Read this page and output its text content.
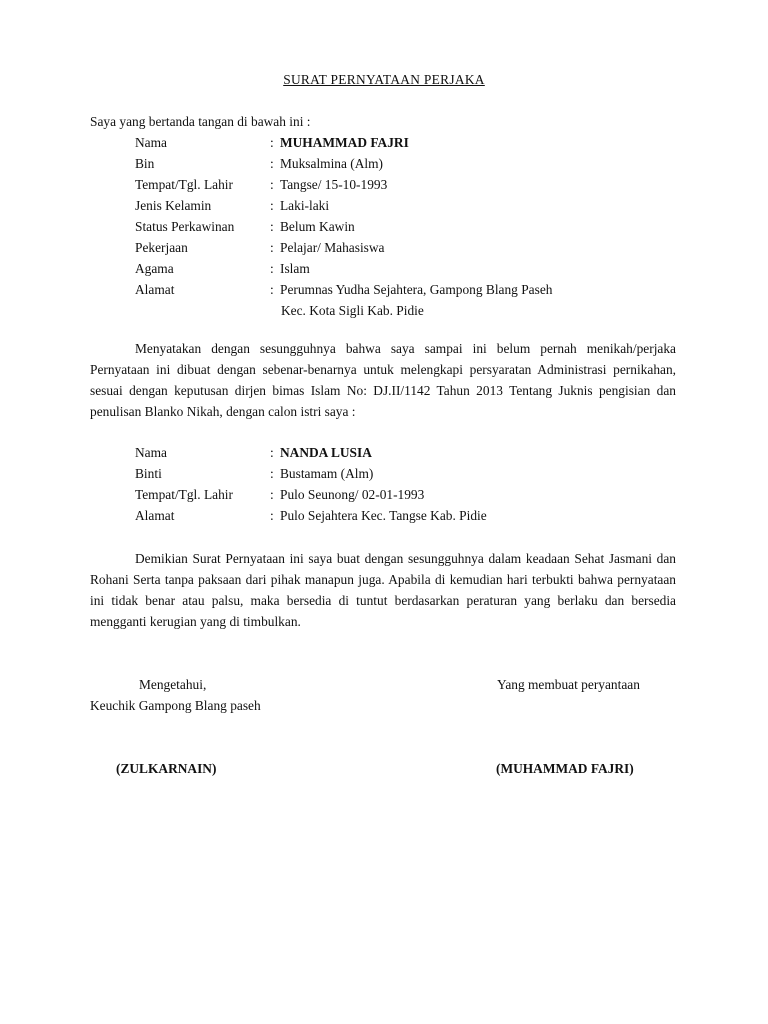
SURAT PERNYATAAN PERJAKA
Saya yang bertanda tangan di bawah ini :
Nama	: MUHAMMAD FAJRI
Bin	: Muksalmina (Alm)
Tempat/Tgl. Lahir	: Tangse/ 15-10-1993
Jenis Kelamin	: Laki-laki
Status Perkawinan	: Belum Kawin
Pekerjaan	: Pelajar/ Mahasiswa
Agama	: Islam
Alamat	: Perumnas Yudha Sejahtera, Gampong Blang Paseh
Kec. Kota Sigli Kab. Pidie
Menyatakan dengan sesungguhnya bahwa saya sampai ini belum pernah menikah/perjaka Pernyataan ini dibuat dengan sebenar-benarnya untuk melengkapi persyaratan Administrasi pernikahan, sesuai dengan keputusan dirjen bimas Islam No: DJ.II/1142 Tahun 2013 Tentang Juknis pengisian dan penulisan Blanko Nikah, dengan calon istri saya :
Nama	: NANDA LUSIA
Binti	: Bustamam (Alm)
Tempat/Tgl. Lahir	: Pulo Seunong/ 02-01-1993
Alamat	: Pulo Sejahtera Kec. Tangse Kab. Pidie
Demikian Surat Pernyataan ini saya buat dengan sesungguhnya dalam keadaan Sehat Jasmani dan Rohani Serta tanpa paksaan dari pihak manapun juga. Apabila di kemudian hari terbukti bahwa pernyataan ini tidak benar atau palsu, maka bersedia di tuntut berdasarkan peraturan yang berlaku dan bersedia mengganti kerugian yang di timbulkan.
Mengetahui,
Keuchik Gampong Blang paseh
(ZULKARNAIN)
Yang membuat peryantaan
(MUHAMMAD FAJRI)
